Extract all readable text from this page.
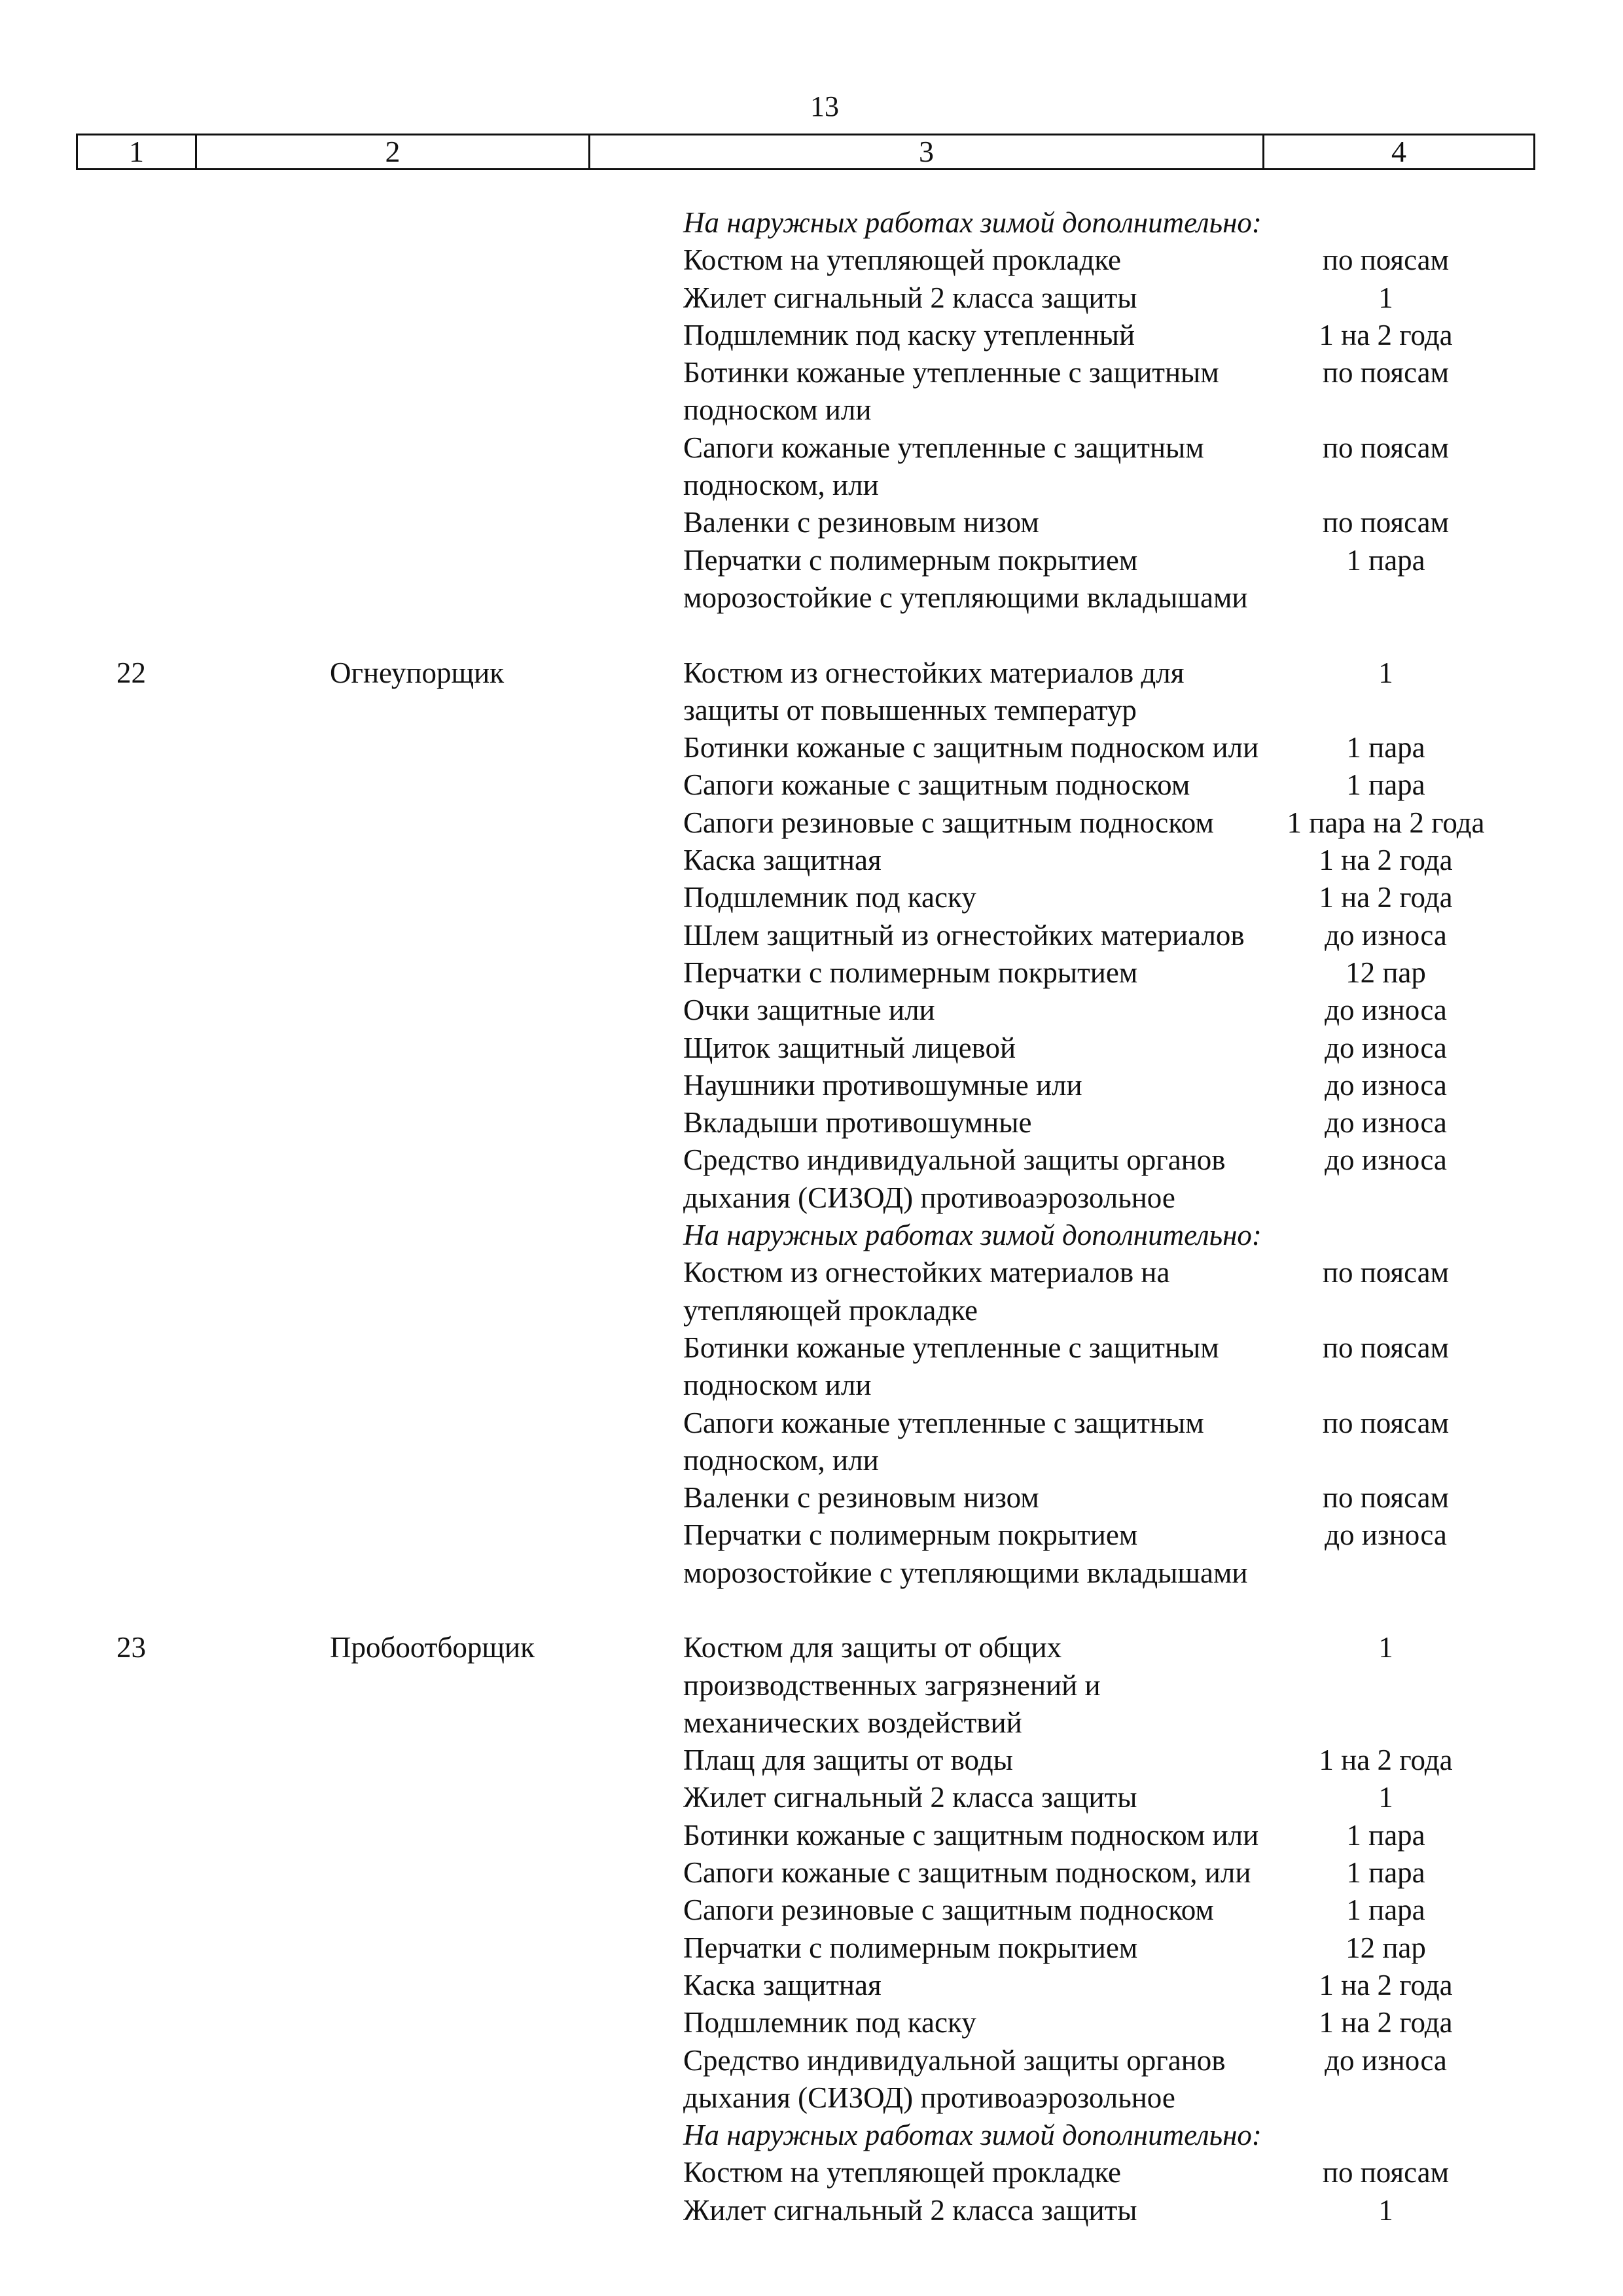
13
1	2	3	4
На наружных работах зимой дополнительно:
Костюм на утепляющей прокладке	по поясам
Жилет сигнальный 2 класса защиты	1
Подшлемник под каску утепленный	1 на 2 года
Ботинки кожаные утепленные с защитным	по поясам
подноском или
Сапоги кожаные утепленные с защитным	по поясам
подноском, или
Валенки с резиновым низом	по поясам
Перчатки с полимерным покрытием	1 пара
морозостойкие с утепляющими вкладышами
22	Огнеупорщик	Костюм из огнестойких материалов для	1
защиты от повышенных температур
Ботинки кожаные с защитным подноском или	1 пара
Сапоги кожаные с защитным подноском	1 пара
Сапоги резиновые с защитным подноском	1 пара на 2 года
Каска защитная	1 на 2 года
Подшлемник под каску	1 на 2 года
Шлем защитный из огнестойких материалов	до износа
Перчатки с полимерным покрытием	12 пар
Очки защитные или	до износа
Щиток защитный лицевой	до износа
Наушники противошумные или	до износа
Вкладыши противошумные	до износа
Средство индивидуальной защиты органов	до износа
дыхания (СИЗОД) противоаэрозольное
На наружных работах зимой дополнительно:
Костюм из огнестойких материалов на	по поясам
утепляющей прокладке
Ботинки кожаные утепленные с защитным	по поясам
подноском или
Сапоги кожаные утепленные с защитным	по поясам
подноском, или
Валенки с резиновым низом	по поясам
Перчатки с полимерным покрытием	до износа
морозостойкие с утепляющими вкладышами
23	Пробоотборщик	Костюм для защиты от общих	1
производственных загрязнений и
механических воздействий
Плащ для защиты от воды	1 на 2 года
Жилет сигнальный 2 класса защиты	1
Ботинки кожаные с защитным подноском или	1 пара
Сапоги кожаные с защитным подноском, или	1 пара
Сапоги резиновые с защитным подноском	1 пара
Перчатки с полимерным покрытием	12 пар
Каска защитная	1 на 2 года
Подшлемник под каску	1 на 2 года
Средство индивидуальной защиты органов	до износа
дыхания (СИЗОД) противоаэрозольное
На наружных работах зимой дополнительно:
Костюм на утепляющей прокладке	по поясам
Жилет сигнальный 2 класса защиты	1
